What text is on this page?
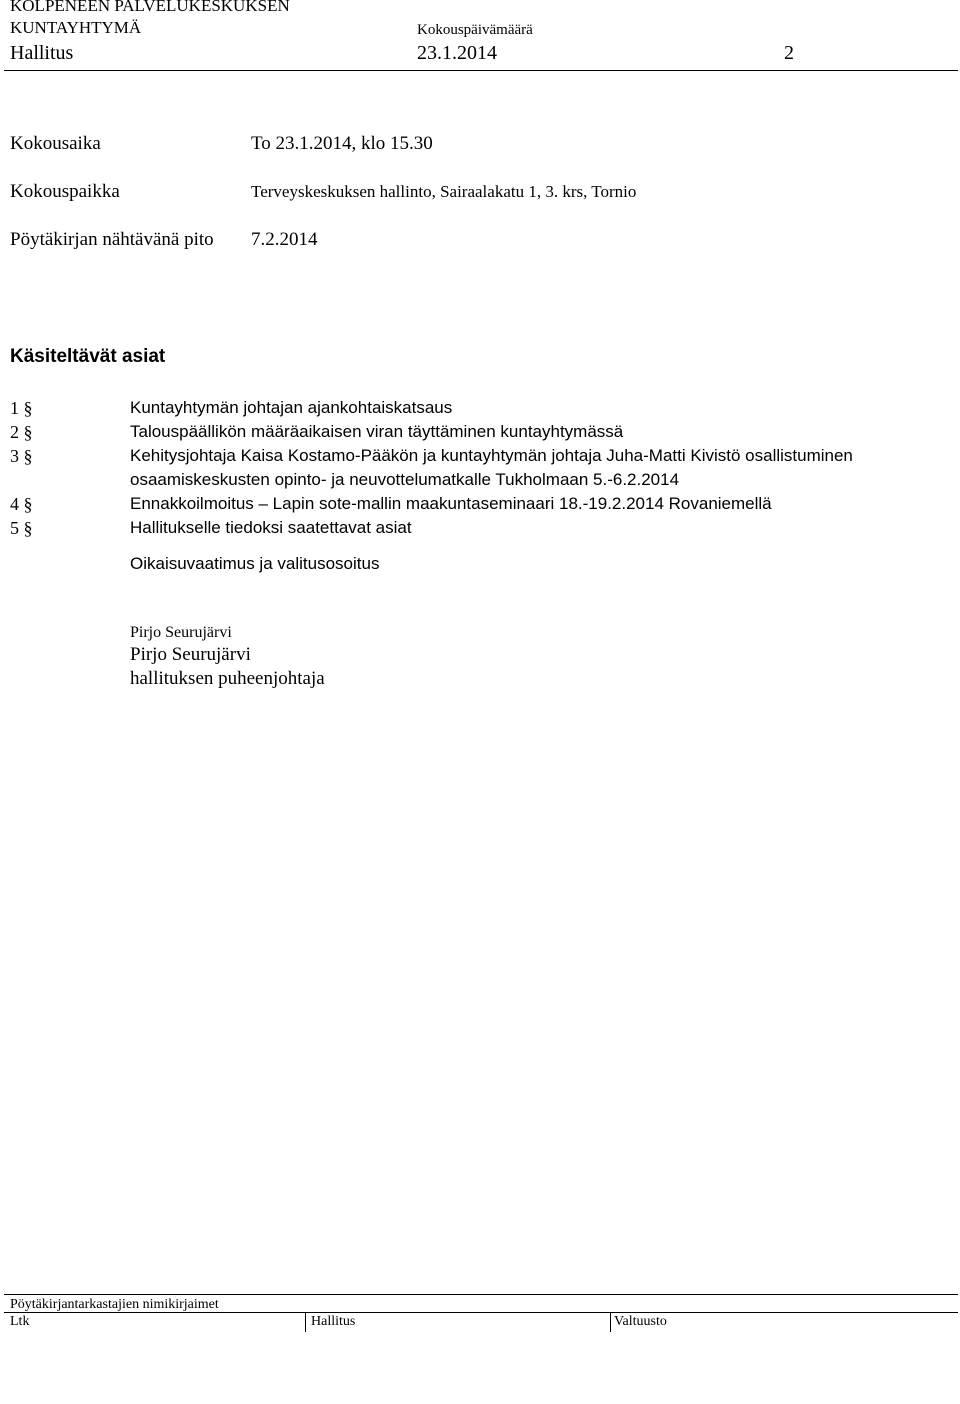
KOLPENEEN PALVELUKESKUKSEN
KUNTAYHTYMÄ	Kokouspäivämäärä
Hallitus	23.1.2014	2
Kokousaika	To 23.1.2014, klo 15.30
Kokouspaikka	Terveyskeskuksen hallinto, Sairaalakatu 1, 3. krs, Tornio
Pöytäkirjan nähtävänä pito 7.2.2014
Käsiteltävät asiat
1 §	Kuntayhtymän johtajan ajankohtaiskatsaus
2 §	Talouspäällikön määräaikaisen viran täyttäminen kuntayhtymässä
3 §	Kehitysjohtaja Kaisa Kostamo-Pääkön ja kuntayhtymän johtaja Juha-Matti Kivistö osallistuminen
osaamiskeskusten opinto- ja neuvottelumatkalle Tukholmaan 5.-6.2.2014
4 §	Ennakkoilmoitus – Lapin sote-mallin maakuntaseminaari 18.-19.2.2014 Rovaniemellä
5 §	Hallitukselle tiedoksi saatettavat asiat
Oikaisuvaatimus ja valitusosoitus
Pirjo Seurujärvi
Pirjo Seurujärvi
hallituksen puheenjohtaja
Pöytäkirjantarkastajien nimikirjaimet
Ltk	Hallitus	Valtuusto
